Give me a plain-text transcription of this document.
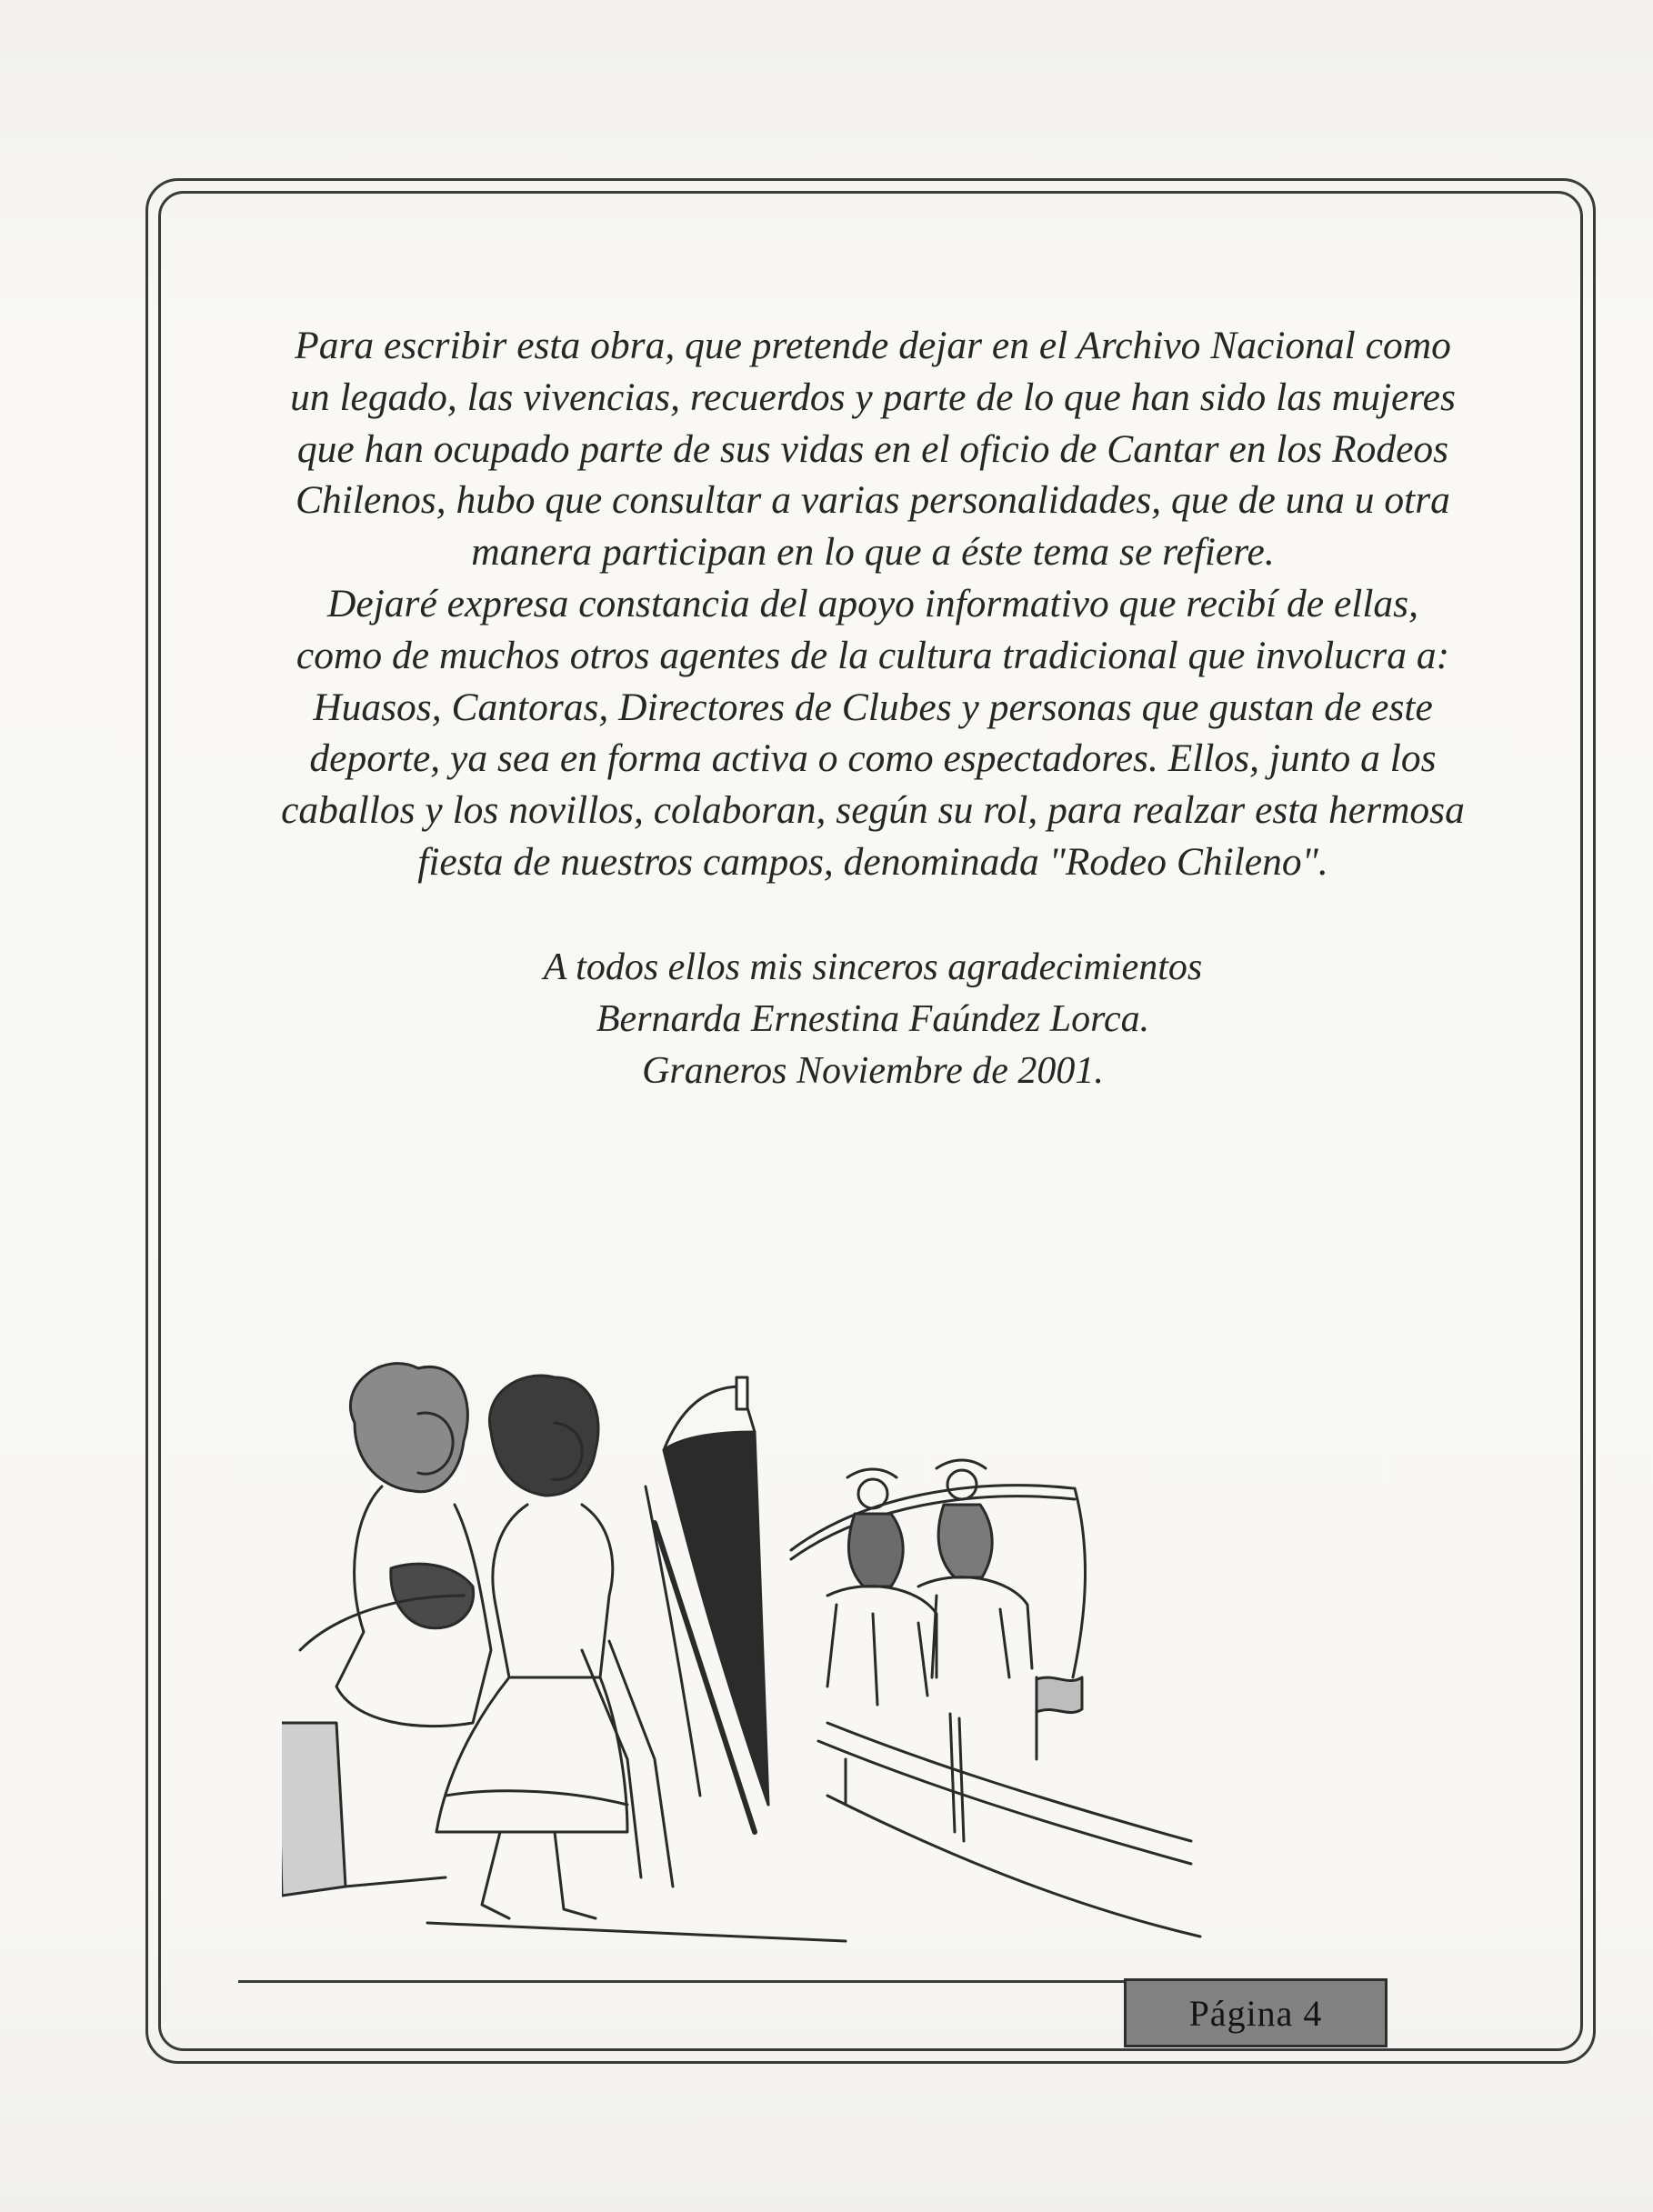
Para escribir esta obra, que pretende dejar en el Archivo Nacional como

un legado, las vivencias, recuerdos y parte de lo que han sido las mujeres

que han ocupado parte de sus vidas en el oficio de Cantar en los Rodeos

Chilenos, hubo que consultar a varias personalidades, que de una u otra

manera participan en lo que a éste tema se refiere.

Dejaré expresa constancia del apoyo informativo que recibí de ellas,

como de muchos otros agentes de la cultura tradicional que involucra a:

Huasos, Cantoras, Directores de Clubes y personas que gustan de este

deporte, ya sea en forma activa o como espectadores. Ellos, junto a los

caballos y los novillos, colaboran, según su rol, para realzar esta hermosa

fiesta de nuestros campos, denominada "Rodeo Chileno".

A todos ellos mis sinceros agradecimientos

Bernarda Ernestina Faúndez Lorca.

Graneros Noviembre de 2001.

Página 4
